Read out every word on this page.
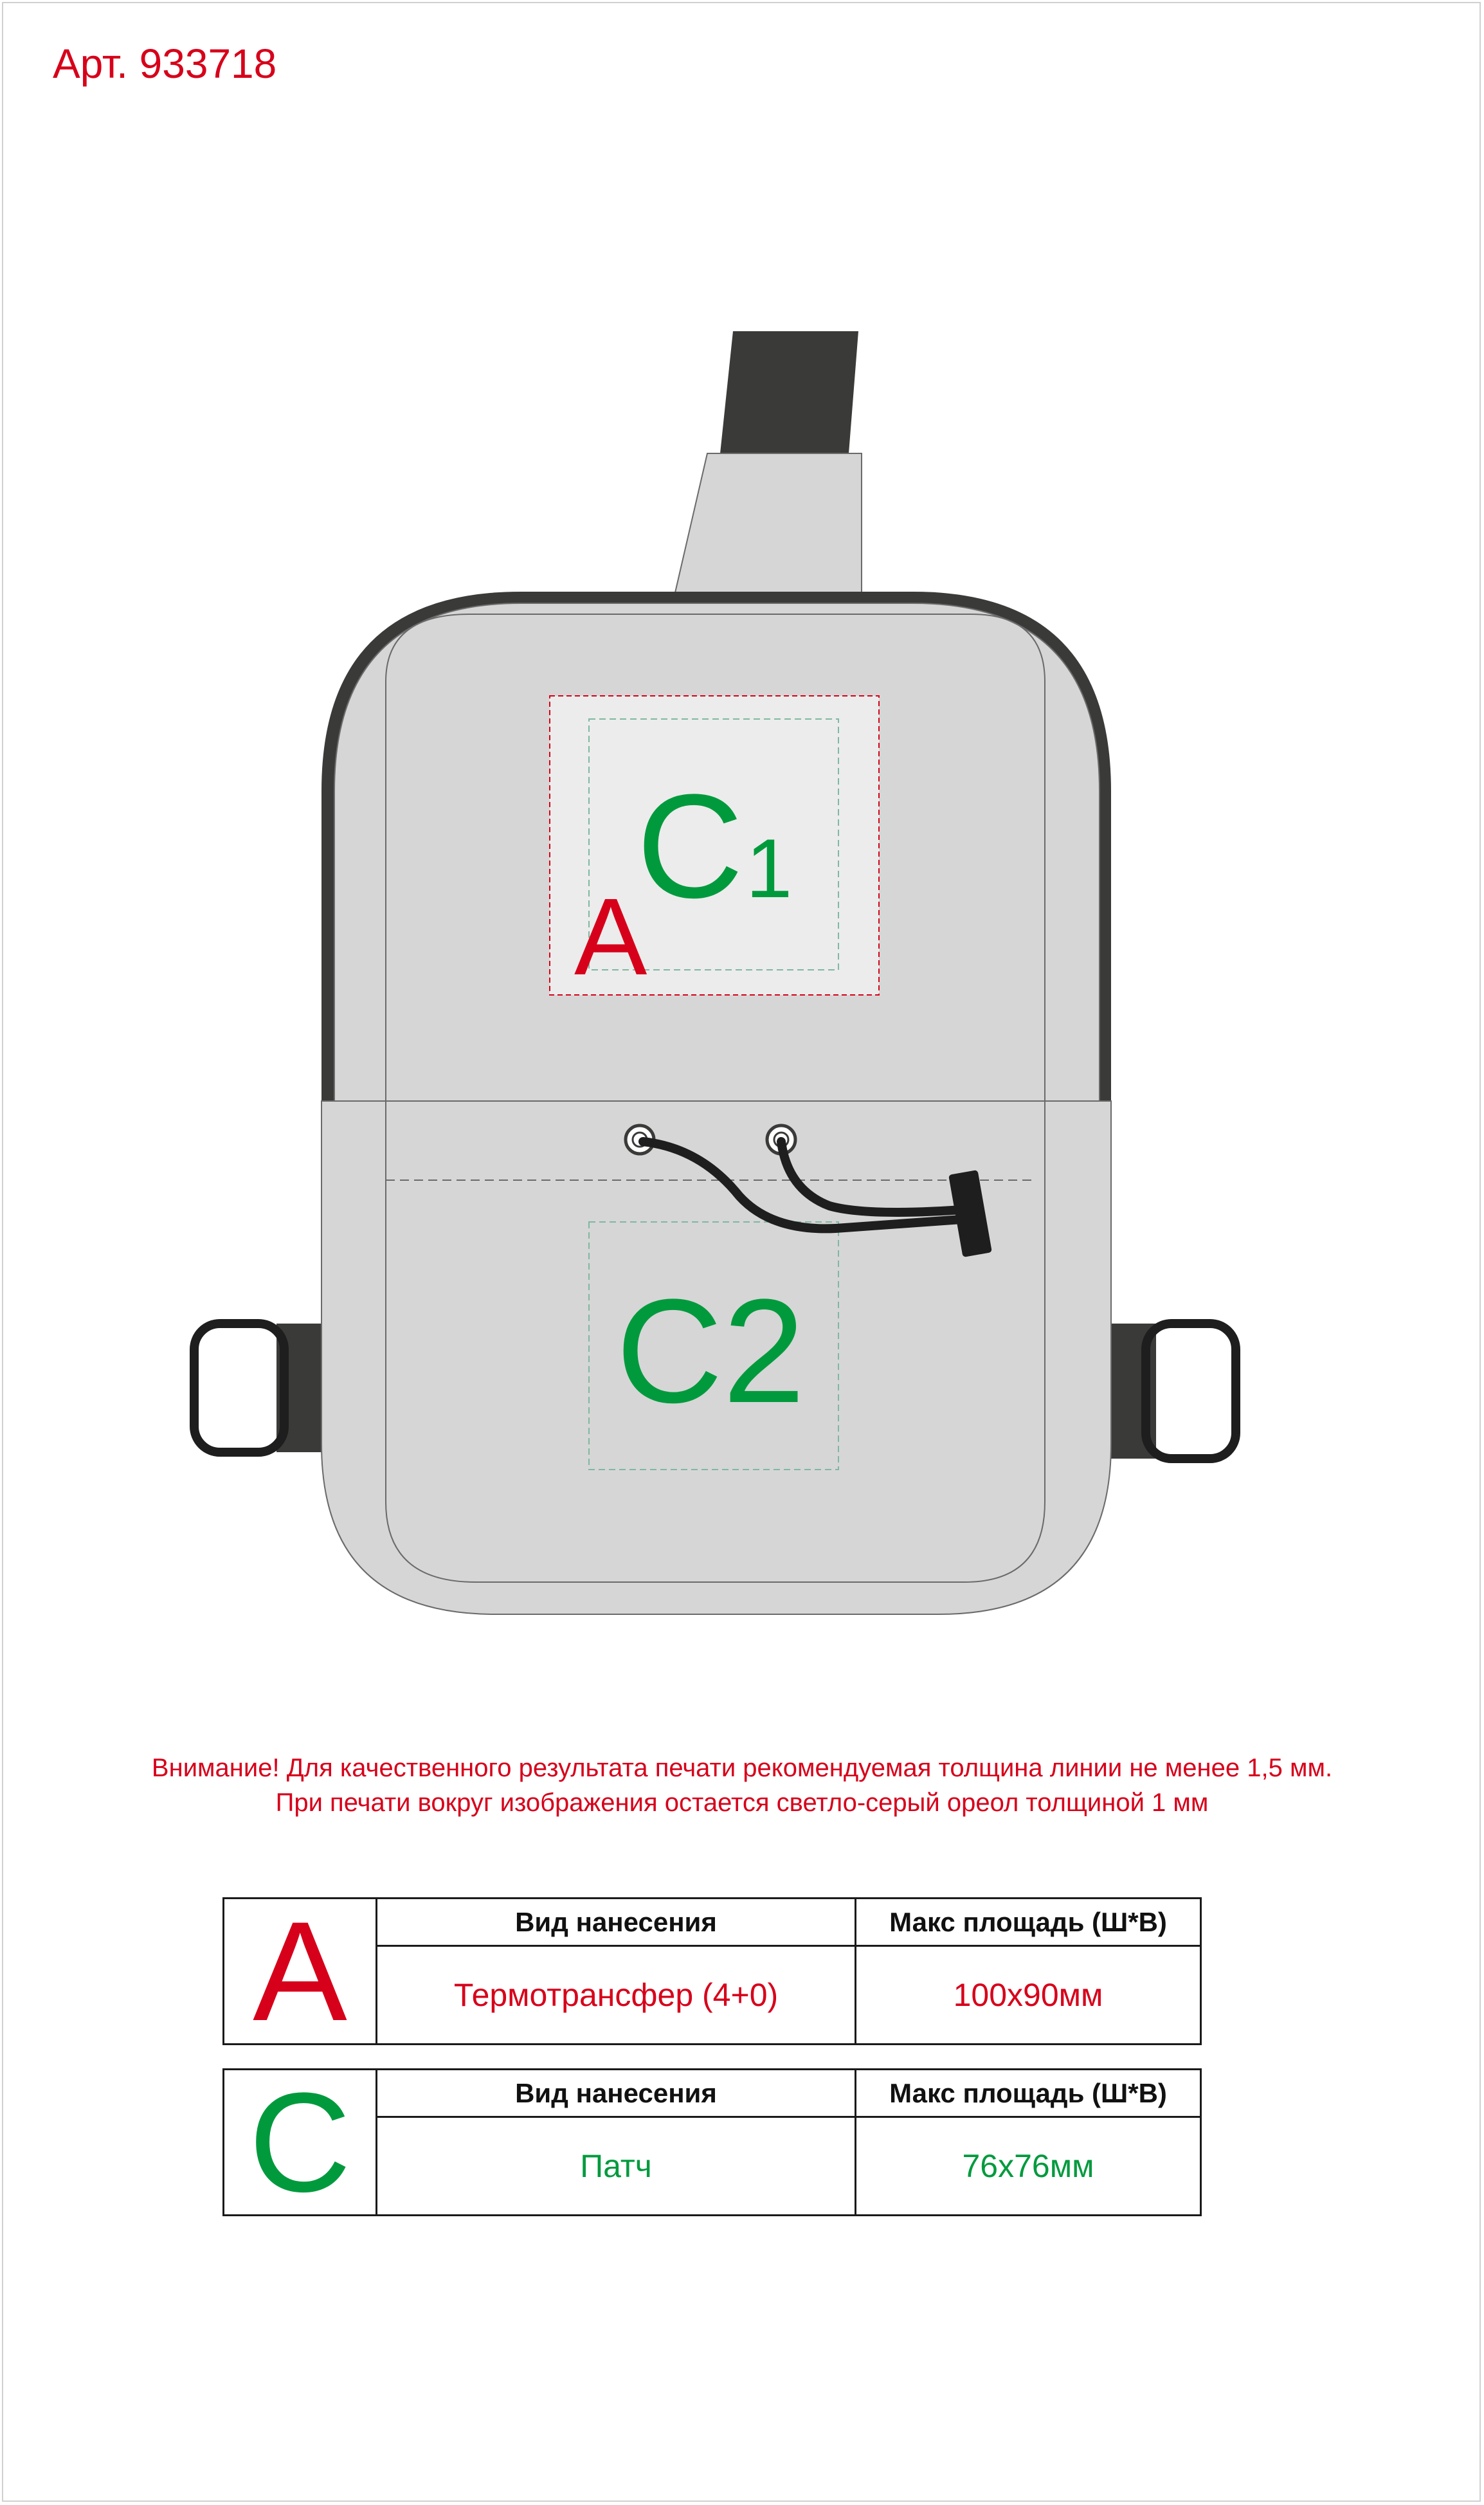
Арт. 933718
C 1
A
C2
Внимание! Для качественного результата печати рекомендуемая толщина линии не менее 1,5 мм.
При печати вокруг изображения остается светло-серый ореол толщиной 1 мм
A	Вид нанесения	Макс площадь (Ш*В)
Термотрансфер (4+0)	100x90мм
C	Вид нанесения	Макс площадь (Ш*В)
Патч	76x76мм
